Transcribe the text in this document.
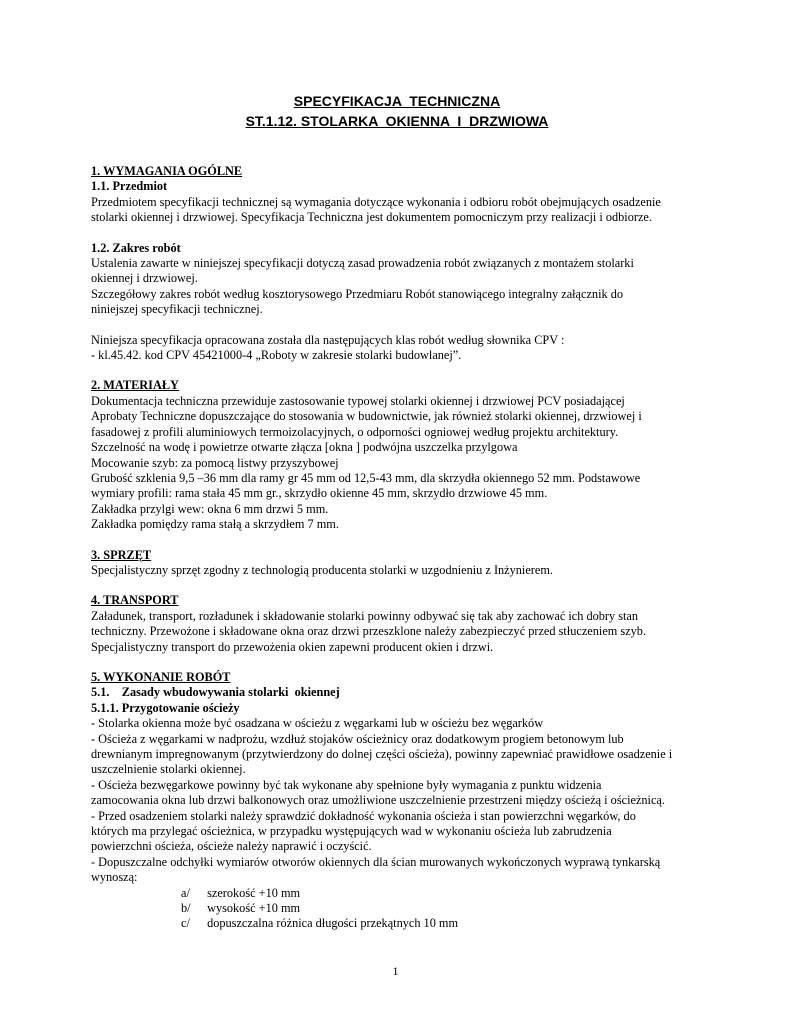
SPECYFIKACJA  TECHNICZNA
ST.1.12. STOLARKA  OKIENNA  I  DRZWIOWA
1. WYMAGANIA OGÓLNE
1.1. Przedmiot

Przedmiotem specyfikacji technicznej są wymagania dotyczące wykonania i odbioru robót obejmujących osadzenie

stolarki okiennej i drzwiowej. Specyfikacja Techniczna jest dokumentem pomocniczym przy realizacji i odbiorze.

1.2. Zakres robót

Ustalenia zawarte w niniejszej specyfikacji dotyczą zasad prowadzenia robót związanych z montażem stolarki

okiennej i drzwiowej.

Szczegółowy zakres robót według kosztorysowego Przedmiaru Robót stanowiącego integralny załącznik do

niniejszej specyfikacji technicznej.

Niniejsza specyfikacja opracowana została dla następujących klas robót według słownika CPV :

- kl.45.42. kod CPV 45421000-4 „Roboty w zakresie stolarki budowlanej”.

2. MATERIAŁY

Dokumentacja techniczna przewiduje zastosowanie typowej stolarki okiennej i drzwiowej PCV posiadającej

Aprobaty Techniczne dopuszczające do stosowania w budownictwie, jak również stolarki okiennej, drzwiowej i

fasadowej z profili aluminiowych termoizolacyjnych, o odporności ogniowej według projektu architektury.

Szczelność na wodę i powietrze otwarte złącza [okna ] podwójna uszczelka przylgowa

Mocowanie szyb: za pomocą listwy przyszybowej

Grubość szklenia 9,5 –36 mm dla ramy gr 45 mm od 12,5-43 mm, dla skrzydła okiennego 52 mm. Podstawowe

wymiary profili: rama stała 45 mm gr., skrzydło okienne 45 mm, skrzydło drzwiowe 45 mm.

Zakładka przylgi wew: okna 6 mm drzwi 5 mm.

Zakładka pomiędzy rama stałą a skrzydłem 7 mm.

3. SPRZĘT

Specjalistyczny sprzęt zgodny z technologią producenta stolarki w uzgodnieniu z Inżynierem.

4. TRANSPORT

Załadunek, transport, rozładunek i składowanie stolarki powinny odbywać się tak aby zachować ich dobry stan

techniczny. Przewożone i składowane okna oraz drzwi przeszklone należy zabezpieczyć przed stłuczeniem szyb.

Specjalistyczny transport do przewożenia okien zapewni producent okien i drzwi.

5. WYKONANIE ROBÓT
5.1.    Zasady wbudowywania stolarki  okiennej
5.1.1. Przygotowanie ościeży

- Stolarka okienna może być osadzana w ościeżu z węgarkami lub w ościeżu bez węgarków

- Ościeża z węgarkami w nadprożu, wzdłuż stojaków ościeżnicy oraz dodatkowym progiem betonowym lub

drewnianym impregnowanym (przytwierdzony do dolnej części ościeża), powinny zapewniać prawidłowe osadzenie i

uszczelnienie stolarki okiennej.

- Ościeża bezwęgarkowe powinny być tak wykonane aby spełnione były wymagania z punktu widzenia

zamocowania okna lub drzwi balkonowych oraz umożliwione uszczelnienie przestrzeni między ościeżą i ościeżnicą.

- Przed osadzeniem stolarki należy sprawdzić dokładność wykonania ościeża i stan powierzchni węgarków, do

których ma przylegać ościeżnica, w przypadku występujących wad w wykonaniu ościeża lub zabrudzenia

powierzchni ościeża, ościeże należy naprawić i oczyścić.

- Dopuszczalne odchyłki wymiarów otworów okiennych dla ścian murowanych wykończonych wyprawą tynkarską

wynoszą:

a/ szerokość +10 mm

b/ wysokość +10 mm

c/ dopuszczalna różnica długości przekątnych 10 mm

1
